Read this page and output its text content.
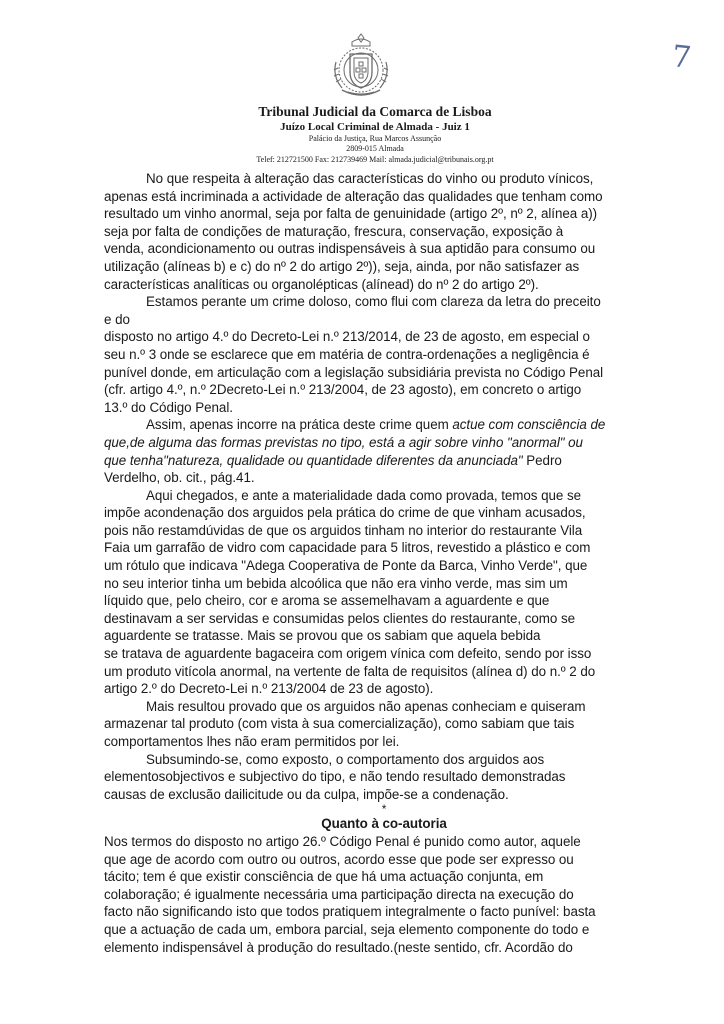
7
Tribunal Judicial da Comarca de Lisboa
Juízo Local Criminal de Almada - Juiz 1
Palácio da Justiça, Rua Marcos Assunção
2809-015 Almada
Telef: 212721500 Fax: 212739469 Mail: almada.judicial@tribunais.org.pt
No que respeita à alteração das características do vinho ou produto vínicos,
apenas está incriminada a actividade de alteração das qualidades que tenham como
resultado um vinho anormal, seja por falta de genuinidade (artigo 2º, nº 2, alínea a))
seja por falta de condições de maturação, frescura, conservação, exposição à
venda, acondicionamento ou outras indispensáveis à sua aptidão para consumo ou
utilização (alíneas b) e c) do nº 2 do artigo 2º)), seja, ainda, por não satisfazer as
características analíticas ou organolépticas (alínead) do nº 2 do artigo 2º).
Estamos perante um crime doloso, como flui com clareza da letra do preceito
e do
disposto no artigo 4.º do Decreto-Lei n.º 213/2014, de 23 de agosto, em especial o
seu n.º 3 onde se esclarece que em matéria de contra-ordenações a negligência é
punível donde, em articulação com a legislação subsidiária prevista no Código Penal
(cfr. artigo 4.º, n.º 2Decreto-Lei n.º 213/2004, de 23 agosto), em concreto o artigo
13.º do Código Penal.
Assim, apenas incorre na prática deste crime quem actue com consciência de
que,de alguma das formas previstas no tipo, está a agir sobre vinho "anormal" ou
que tenha"natureza, qualidade ou quantidade diferentes da anunciada" Pedro
Verdelho, ob. cit., pág.41.
Aqui chegados, e ante a materialidade dada como provada, temos que se
impõe acondenação dos arguidos pela prática do crime de que vinham acusados,
pois não restamdúvidas de que os arguidos tinham no interior do restaurante Vila
Faia um garrafão de vidro com capacidade para 5 litros, revestido a plástico e com
um rótulo que indicava "Adega Cooperativa de Ponte da Barca, Vinho Verde", que
no seu interior tinha um bebida alcoólica que não era vinho verde, mas sim um
líquido que, pelo cheiro, cor e aroma se assemelhavam a aguardente e que
destinavam a ser servidas e consumidas pelos clientes do restaurante, como se
aguardente se tratasse. Mais se provou que os sabiam que aquela bebida
se tratava de aguardente bagaceira com origem vínica com defeito, sendo por isso
um produto vitícola anormal, na vertente de falta de requisitos (alínea d) do n.º 2 do
artigo 2.º do Decreto-Lei n.º 213/2004 de 23 de agosto).
Mais resultou provado que os arguidos não apenas conheciam e quiseram
armazenar tal produto (com vista à sua comercialização), como sabiam que tais
comportamentos lhes não eram permitidos por lei.
Subsumindo-se, como exposto, o comportamento dos arguidos aos
elementosobjectivos e subjectivo do tipo, e não tendo resultado demonstradas
causas de exclusão dailicitude ou da culpa, impõe-se a condenação.
*
Quanto à co-autoria
Nos termos do disposto no artigo 26.º Código Penal é punido como autor, aquele
que age de acordo com outro ou outros, acordo esse que pode ser expresso ou
tácito; tem é que existir consciência de que há uma actuação conjunta, em
colaboração; é igualmente necessária uma participação directa na execução do
facto não significando isto que todos pratiquem integralmente o facto punível: basta
que a actuação de cada um, embora parcial, seja elemento componente do todo e
elemento indispensável à produção do resultado.(neste sentido, cfr. Acordão do
